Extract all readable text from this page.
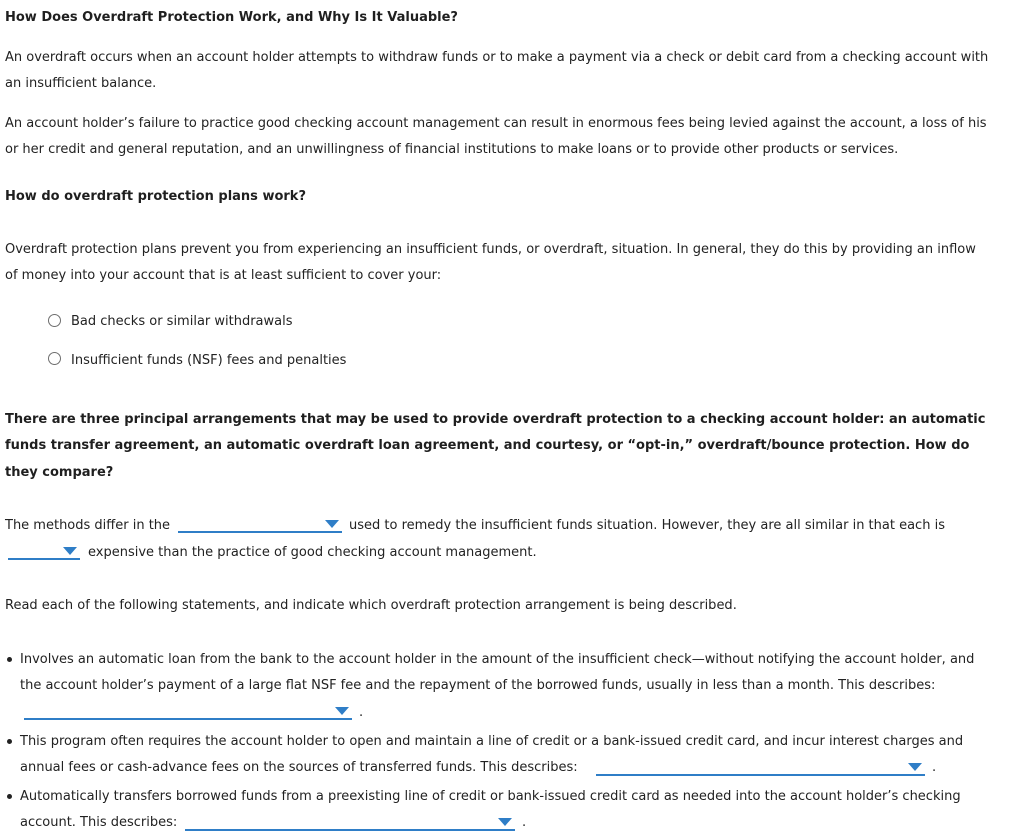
How Does Overdraft Protection Work, and Why Is It Valuable?
An overdraft occurs when an account holder attempts to withdraw funds or to make a payment via a check or debit card from a checking account with
an insufficient balance.
An account holder’s failure to practice good checking account management can result in enormous fees being levied against the account, a loss of his
or her credit and general reputation, and an unwillingness of financial institutions to make loans or to provide other products or services.
How do overdraft protection plans work?
Overdraft protection plans prevent you from experiencing an insufficient funds, or overdraft, situation. In general, they do this by providing an inflow
of money into your account that is at least sufficient to cover your:
Bad checks or similar withdrawals
Insufficient funds (NSF) fees and penalties
There are three principal arrangements that may be used to provide overdraft protection to a checking account holder: an automatic
funds transfer agreement, an automatic overdraft loan agreement, and courtesy, or “opt-in,” overdraft/bounce protection. How do
they compare?
The methods differ in the	used to remedy the insufficient funds situation. However, they are all similar in that each is
expensive than the practice of good checking account management.
Read each of the following statements, and indicate which overdraft protection arrangement is being described.
Involves an automatic loan from the bank to the account holder in the amount of the insufficient check—without notifying the account holder, and
the account holder’s payment of a large flat NSF fee and the repayment of the borrowed funds, usually in less than a month. This describes:
.
This program often requires the account holder to open and maintain a line of credit or a bank-issued credit card, and incur interest charges and
annual fees or cash-advance fees on the sources of transferred funds. This describes:	.
Automatically transfers borrowed funds from a preexisting line of credit or bank-issued credit card as needed into the account holder’s checking
account. This describes:	.
